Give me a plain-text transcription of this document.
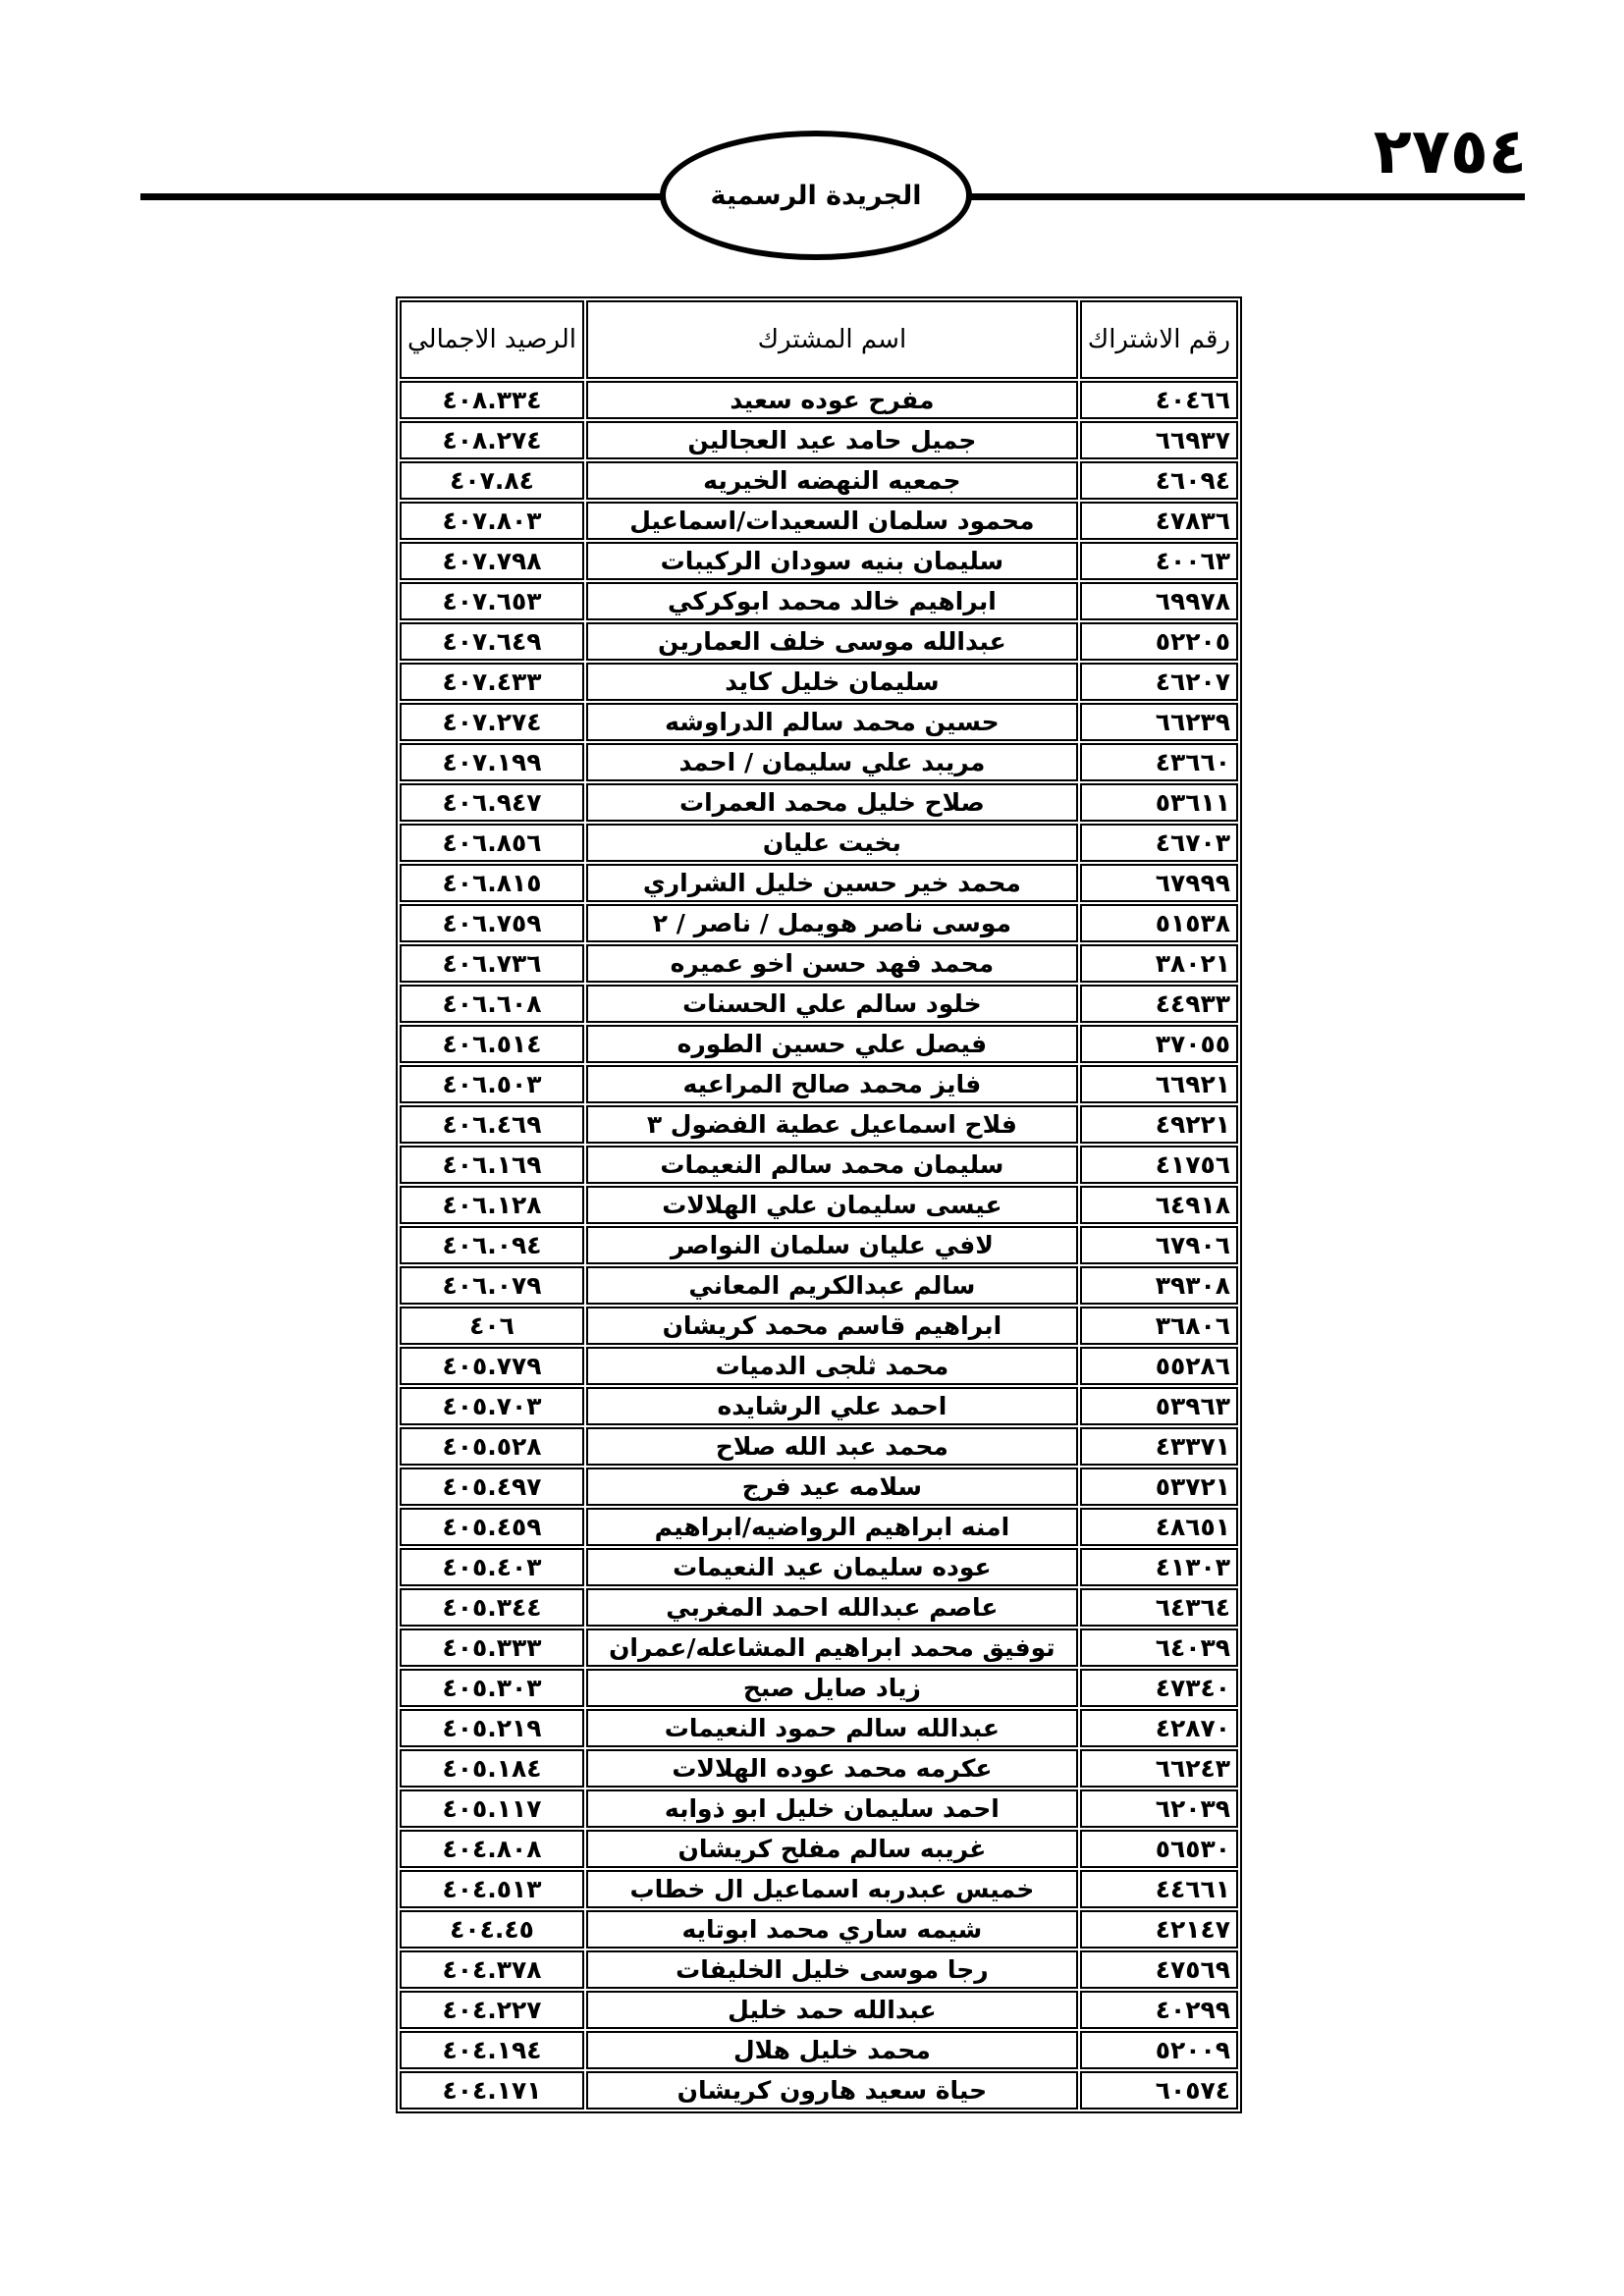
٢٧٥٤
الجريدة الرسمية
رقم الاشتراك	اسم المشترك	الرصيد الاجمالي
٤٠٤٦٦	مفرح عوده سعيد	٤٠٨.٣٣٤
٦٦٩٣٧	جميل حامد عيد العجالين	٤٠٨.٢٧٤
٤٦٠٩٤	جمعيه النهضه الخيريه	٤٠٧.٨٤
٤٧٨٣٦	محمود سلمان السعيدات/اسماعيل	٤٠٧.٨٠٣
٤٠٠٦٣	سليمان بنيه سودان الركيبات	٤٠٧.٧٩٨
٦٩٩٧٨	ابراهيم خالد محمد ابوكركي	٤٠٧.٦٥٣
٥٢٢٠٥	عبدالله موسى خلف العمارين	٤٠٧.٦٤٩
٤٦٢٠٧	سليمان خليل كايد	٤٠٧.٤٣٣
٦٦٢٣٩	حسين محمد سالم الدراوشه	٤٠٧.٢٧٤
٤٣٦٦٠	مريبد علي سليمان / احمد	٤٠٧.١٩٩
٥٣٦١١	صلاح خليل محمد العمرات	٤٠٦.٩٤٧
٤٦٧٠٣	بخيت عليان	٤٠٦.٨٥٦
٦٧٩٩٩	محمد خير حسين خليل الشراري	٤٠٦.٨١٥
٥١٥٣٨	موسى ناصر هويمل / ناصر / ٢	٤٠٦.٧٥٩
٣٨٠٢١	محمد فهد حسن اخو عميره	٤٠٦.٧٣٦
٤٤٩٣٣	خلود سالم علي الحسنات	٤٠٦.٦٠٨
٣٧٠٥٥	فيصل علي حسين الطوره	٤٠٦.٥١٤
٦٦٩٢١	فايز محمد صالح المراعيه	٤٠٦.٥٠٣
٤٩٢٢١	فلاح اسماعيل عطية الفضول ٣	٤٠٦.٤٦٩
٤١٧٥٦	سليمان محمد سالم النعيمات	٤٠٦.١٦٩
٦٤٩١٨	عيسى سليمان علي الهلالات	٤٠٦.١٢٨
٦٧٩٠٦	لافي عليان سلمان النواصر	٤٠٦.٠٩٤
٣٩٣٠٨	سالم عبدالكريم المعاني	٤٠٦.٠٧٩
٣٦٨٠٦	ابراهيم قاسم محمد كريشان	٤٠٦
٥٥٢٨٦	محمد ثلجى الدميات	٤٠٥.٧٧٩
٥٣٩٦٣	احمد علي الرشايده	٤٠٥.٧٠٣
٤٣٣٧١	محمد عبد الله صلاح	٤٠٥.٥٢٨
٥٣٧٢١	سلامه عيد فرج	٤٠٥.٤٩٧
٤٨٦٥١	امنه ابراهيم الرواضيه/ابراهيم	٤٠٥.٤٥٩
٤١٣٠٣	عوده سليمان عيد النعيمات	٤٠٥.٤٠٣
٦٤٣٦٤	عاصم عبدالله احمد المغربي	٤٠٥.٣٤٤
٦٤٠٣٩	توفيق محمد ابراهيم المشاعله/عمران	٤٠٥.٣٣٣
٤٧٣٤٠	زياد صايل صبح	٤٠٥.٣٠٣
٤٢٨٧٠	عبدالله سالم حمود النعيمات	٤٠٥.٢١٩
٦٦٢٤٣	عكرمه محمد عوده الهلالات	٤٠٥.١٨٤
٦٢٠٣٩	احمد سليمان خليل ابو ذوابه	٤٠٥.١١٧
٥٦٥٣٠	غريبه سالم مفلح كريشان	٤٠٤.٨٠٨
٤٤٦٦١	خميس عبدربه اسماعيل ال خطاب	٤٠٤.٥١٣
٤٢١٤٧	شيمه ساري محمد ابوتايه	٤٠٤.٤٥
٤٧٥٦٩	رجا موسى خليل الخليفات	٤٠٤.٣٧٨
٤٠٢٩٩	عبدالله حمد خليل	٤٠٤.٢٢٧
٥٢٠٠٩	محمد خليل هلال	٤٠٤.١٩٤
٦٠٥٧٤	حياة سعيد هارون كريشان	٤٠٤.١٧١
